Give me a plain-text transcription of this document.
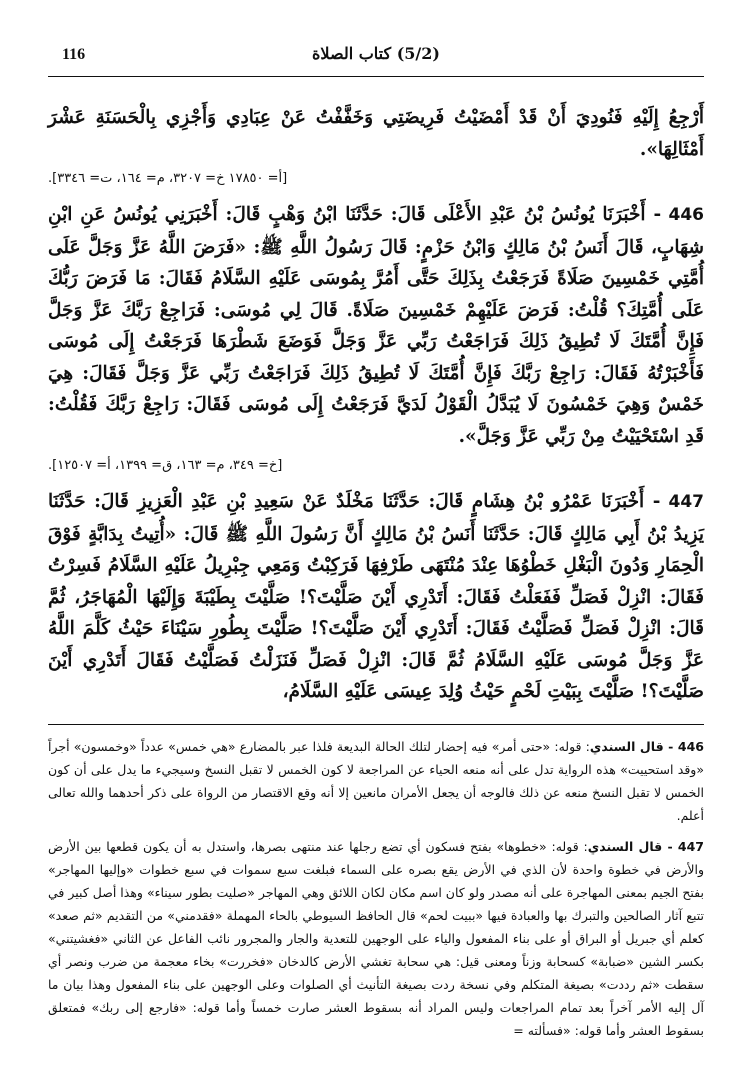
116	(5/2) كتاب الصلاة

أَرْجِعُ إِلَيْهِ فَنُودِيَ أَنْ قَدْ أَمْضَيْتُ فَرِيضَتِي وَخَفَّفْتُ عَنْ عِبَادِي وَأَجْزِي بِالْحَسَنَةِ عَشْرَ أَمْثَالِهَا».

[أ= ١٧٨٥٠ خ= ٣٢٠٧، م= ١٦٤، ت= ٣٣٤٦].

446 - أَخْبَرَنَا يُونُسُ بْنُ عَبْدِ الأَعْلَى قَالَ: حَدَّثَنَا ابْنُ وَهْبٍ قَالَ: أَخْبَرَنِي يُونُسُ عَنِ ابْنِ شِهَابٍ، قَالَ أَنَسُ بْنُ مَالِكٍ وَابْنُ حَزْمٍ: قَالَ رَسُولُ اللَّهِ ﷺ: «فَرَضَ اللَّهُ عَزَّ وَجَلَّ عَلَى أُمَّتِي خَمْسِينَ صَلَاةً فَرَجَعْتُ بِذَلِكَ حَتَّى أَمُرَّ بِمُوسَى عَلَيْهِ السَّلَامُ فَقَالَ: مَا فَرَضَ رَبُّكَ عَلَى أُمَّتِكَ؟ قُلْتُ: فَرَضَ عَلَيْهِمْ خَمْسِينَ صَلَاةً. قَالَ لِي مُوسَى: فَرَاجِعْ رَبَّكَ عَزَّ وَجَلَّ فَإِنَّ أُمَّتَكَ لَا تُطِيقُ ذَلِكَ فَرَاجَعْتُ رَبِّي عَزَّ وَجَلَّ فَوَضَعَ شَطْرَهَا فَرَجَعْتُ إِلَى مُوسَى فَأَخْبَرْتُهُ فَقَالَ: رَاجِعْ رَبَّكَ فَإِنَّ أُمَّتَكَ لَا تُطِيقُ ذَلِكَ فَرَاجَعْتُ رَبِّي عَزَّ وَجَلَّ فَقَالَ: هِيَ خَمْسٌ وَهِيَ خَمْسُونَ لَا يُبَدَّلُ الْقَوْلُ لَدَيَّ فَرَجَعْتُ إِلَى مُوسَى فَقَالَ: رَاجِعْ رَبَّكَ فَقُلْتُ: قَدِ اسْتَحْيَيْتُ مِنْ رَبِّي عَزَّ وَجَلَّ».

[خ= ٣٤٩، م= ١٦٣، ق= ١٣٩٩، أ= ١٢٥٠٧].

447 - أَخْبَرَنَا عَمْرُو بْنُ هِشَامٍ قَالَ: حَدَّثَنَا مَخْلَدٌ عَنْ سَعِيدِ بْنِ عَبْدِ الْعَزِيزِ قَالَ: حَدَّثَنَا يَزِيدُ بْنُ أَبِي مَالِكٍ قَالَ: حَدَّثَنَا أَنَسُ بْنُ مَالِكٍ أَنَّ رَسُولَ اللَّهِ ﷺ قَالَ: «أُتِيتُ بِدَابَّةٍ فَوْقَ الْحِمَارِ وَدُونَ الْبَغْلِ خَطْوُهَا عِنْدَ مُنْتَهَى طَرْفِهَا فَرَكِبْتُ وَمَعِي جِبْرِيلُ عَلَيْهِ السَّلَامُ فَسِرْتُ فَقَالَ: انْزِلْ فَصَلِّ فَفَعَلْتُ فَقَالَ: أَتَدْرِي أَيْنَ صَلَّيْتَ؟! صَلَّيْتَ بِطَيْبَةَ وَإِلَيْهَا الْمُهَاجَرُ، ثُمَّ قَالَ: انْزِلْ فَصَلِّ فَصَلَّيْتُ فَقَالَ: أَتَدْرِي أَيْنَ صَلَّيْتَ؟! صَلَّيْتَ بِطُورِ سَيْنَاءَ حَيْثُ كَلَّمَ اللَّهُ عَزَّ وَجَلَّ مُوسَى عَلَيْهِ السَّلَامُ ثُمَّ قَالَ: انْزِلْ فَصَلِّ فَنَزَلْتُ فَصَلَّيْتُ فَقَالَ أَتَدْرِي أَيْنَ صَلَّيْتَ؟! صَلَّيْتَ بِبَيْتِ لَحْمٍ حَيْثُ وُلِدَ عِيسَى عَلَيْهِ السَّلَامُ،

446 - قال السندي: قوله: «حتى أمر» فيه إحضار لتلك الحالة البديعة فلذا عبر بالمضارع «هي خمس» عدداً «وخمسون» أجراً «وقد استحييت» هذه الرواية تدل على أنه منعه الحياء عن المراجعة لا كون الخمس لا تقبل النسخ وسيجيء ما يدل على أن كون الخمس لا تقبل النسخ منعه عن ذلك فالوجه أن يجعل الأمران مانعين إلا أنه وقع الاقتصار من الرواة على ذكر أحدهما والله تعالى أعلم.

447 - قال السندي: قوله: «خطوها» بفتح فسكون أي تضع رجلها عند منتهى بصرها، واستدل به أن يكون قطعها بين الأرض والأرض في خطوة واحدة لأن الذي في الأرض يقع بصره على السماء فبلغت سبع سموات في سبع خطوات «وإليها المهاجر» بفتح الجيم بمعنى المهاجرة على أنه مصدر ولو كان اسم مكان لكان اللائق وهي المهاجر «صليت بطور سيناء» وهذا أصل كبير في تتبع آثار الصالحين والتبرك بها والعبادة فيها «ببيت لحم» قال الحافظ السيوطي بالحاء المهملة «فقدمني» من التقديم «ثم صعد» كعلم أي جبريل أو البراق أو على بناء المفعول والياء على الوجهين للتعدية والجار والمجرور نائب الفاعل عن الثاني «فغشيتني» بكسر الشين «ضبابة» كسحابة وزناً ومعنى قيل: هي سحابة تغشي الأرض كالدخان «فخررت» بخاء معجمة من ضرب ونصر أي سقطت «ثم رددت» بصيغة المتكلم وفي نسخة ردت بصيغة التأنيث أي الصلوات وعلى الوجهين على بناء المفعول وهذا بيان ما آل إليه الأمر آخراً بعد تمام المراجعات وليس المراد أنه بسقوط العشر صارت خمساً وأما قوله: «فارجع إلى ربك» فمتعلق بسقوط العشر وأما قوله: «فسألته =
